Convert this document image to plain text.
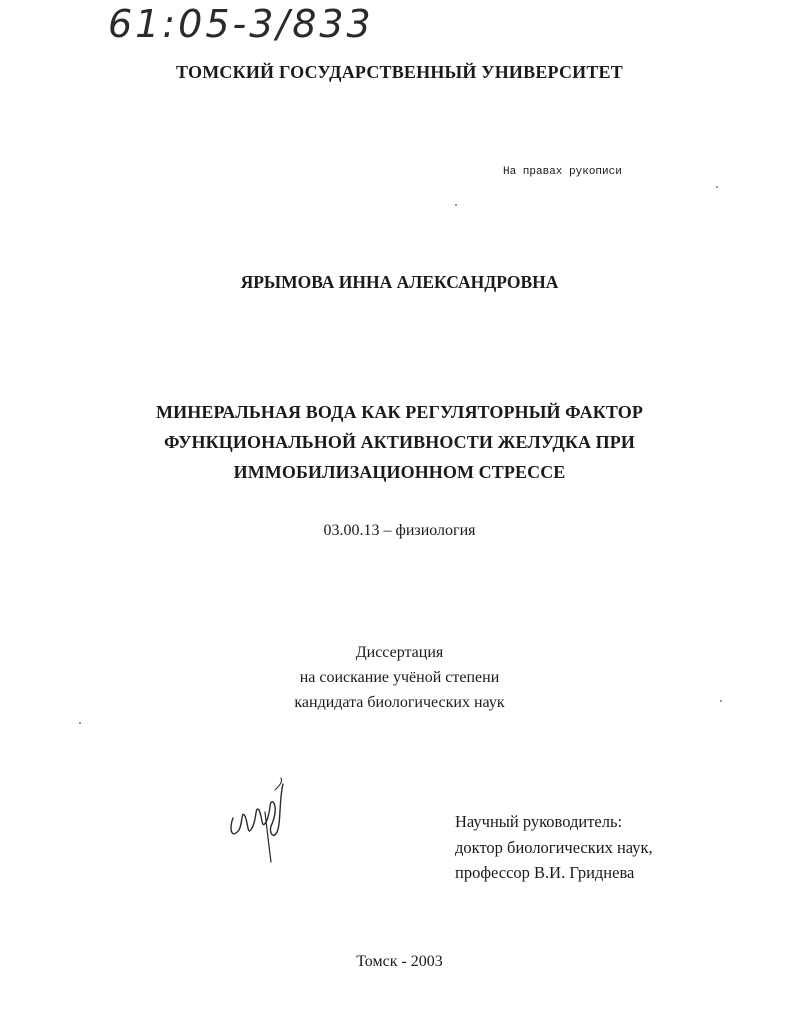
61:05-3/833
ТОМСКИЙ ГОСУДАРСТВЕННЫЙ УНИВЕРСИТЕТ
На правах рукописи
ЯРЫМОВА ИННА АЛЕКСАНДРОВНА
МИНЕРАЛЬНАЯ ВОДА КАК РЕГУЛЯТОРНЫЙ ФАКТОР
ФУНКЦИОНАЛЬНОЙ АКТИВНОСТИ ЖЕЛУДКА ПРИ
ИММОБИЛИЗАЦИОННОМ СТРЕССЕ
03.00.13 – физиология
Диссертация
на соискание учёной степени
кандидата биологических наук
Научный руководитель:
доктор биологических наук,
профессор В.И. Гриднева
Томск - 2003
